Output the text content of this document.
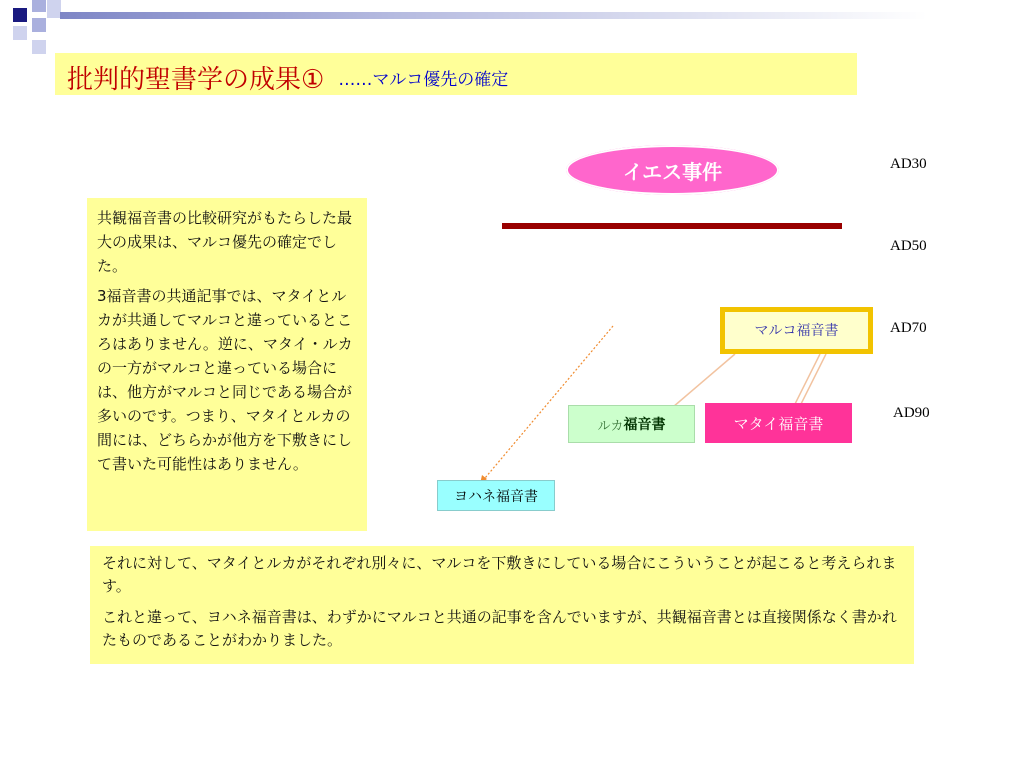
批判的聖書学の成果① ……マルコ優先の確定

共観福音書の比較研究がもたらした最大の成果は、マルコ優先の確定でした。

3福音書の共通記事では、マタイとルカが共通してマルコと違っているところはありません。逆に、マタイ・ルカの一方がマルコと違っている場合には、他方がマルコと同じである場合が多いのです。つまり、マタイとルカの間には、どちらかが他方を下敷きにして書いた可能性はありません。

イエス事件	AD30
AD50
AD70
AD90
マルコ福音書
ルカ 福音書	マタイ福音書
ヨハネ福音書

それに対して、マタイとルカがそれぞれ別々に、マルコを下敷きにしている場合にこういうことが起こると考えられます。

これと違って、ヨハネ福音書は、わずかにマルコと共通の記事を含んでいますが、共観福音書とは直接関係なく書かれたものであることがわかりました。
